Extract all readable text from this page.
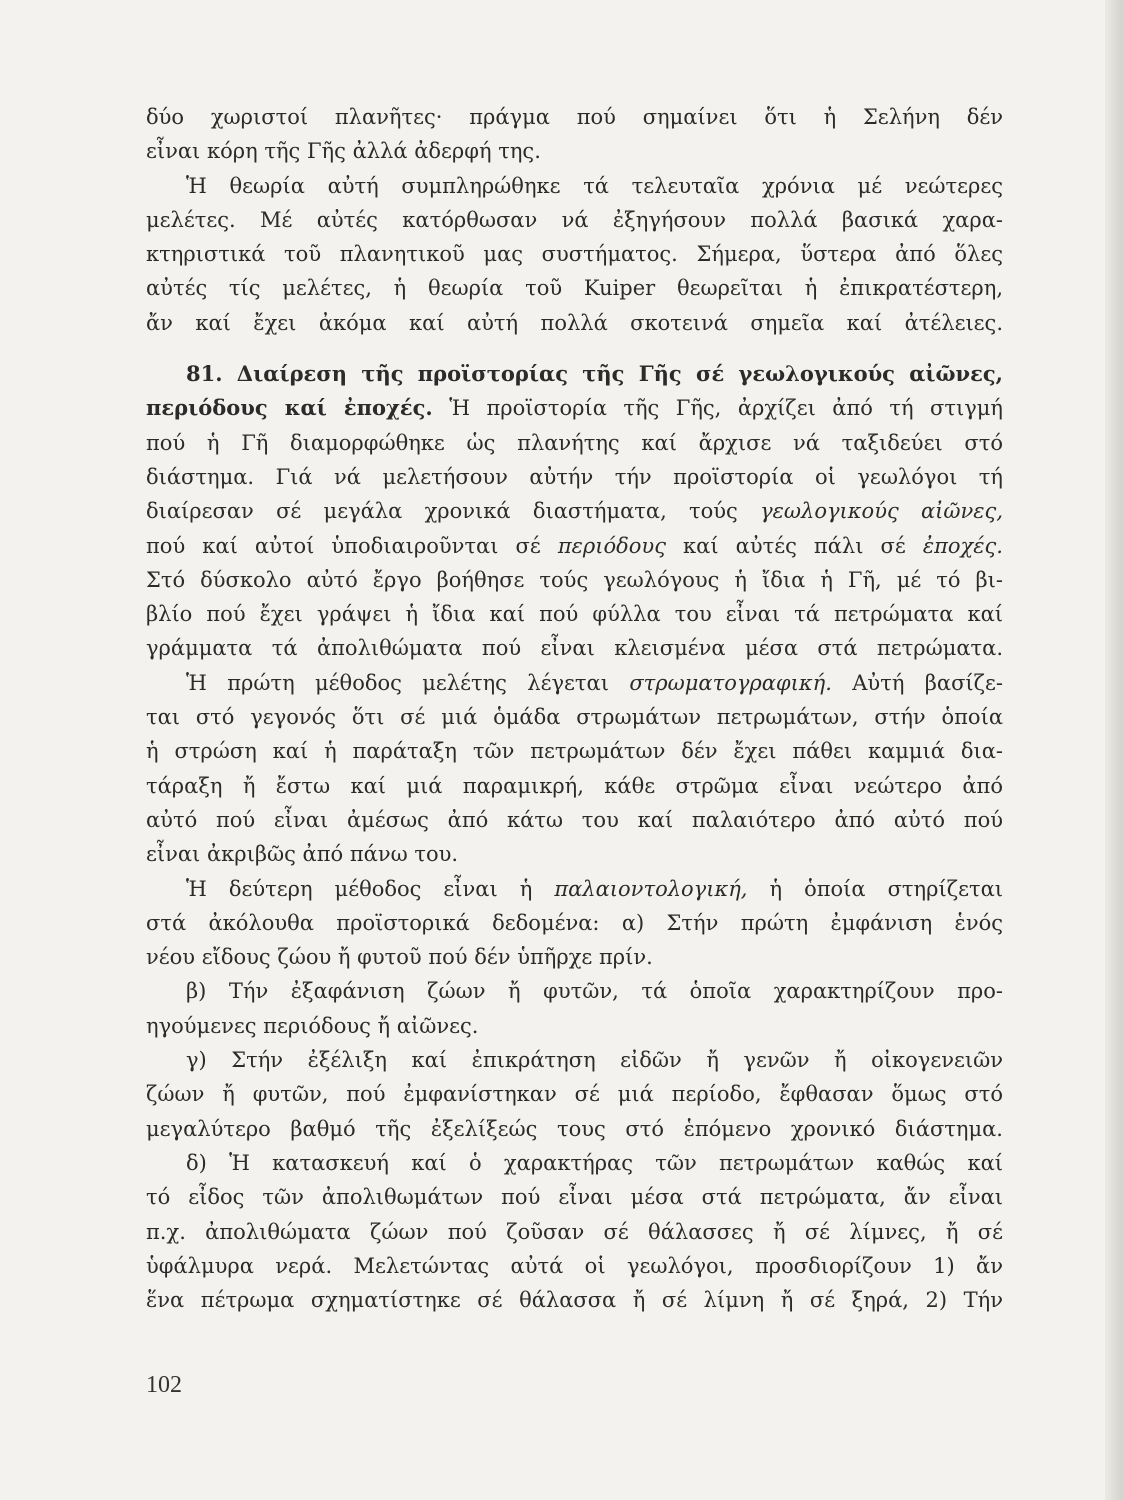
δύο χωριστοί πλανῆτες· πράγμα πού σημαίνει ὅτι ἡ Σελήνη δέν
εἶναι κόρη τῆς Γῆς ἀλλά ἀδερφή της.
Ἡ θεωρία αὐτή συμπληρώθηκε τά τελευταῖα χρόνια μέ νεώτερες
μελέτες. Μέ αὐτές κατόρθωσαν νά ἐξηγήσουν πολλά βασικά χαρα-
κτηριστικά τοῦ πλανητικοῦ μας συστήματος. Σήμερα, ὕστερα ἀπό ὅλες
αὐτές τίς μελέτες, ἡ θεωρία τοῦ Kuiper θεωρεῖται ἡ ἐπικρατέστερη,
ἄν καί ἔχει ἀκόμα καί αὐτή πολλά σκοτεινά σημεῖα καί ἀτέλειες.
81. Διαίρεση τῆς προϊστορίας τῆς Γῆς σέ γεωλογικούς αἰῶνες,
περιόδους καί ἐποχές. Ἡ προϊστορία τῆς Γῆς, ἀρχίζει ἀπό τή στιγμή
πού ἡ Γῆ διαμορφώθηκε ὡς πλανήτης καί ἄρχισε νά ταξιδεύει στό
διάστημα. Γιά νά μελετήσουν αὐτήν τήν προϊστορία οἱ γεωλόγοι τή
διαίρεσαν σέ μεγάλα χρονικά διαστήματα, τούς γεωλογικούς αἰῶνες,
πού καί αὐτοί ὑποδιαιροῦνται σέ περιόδους καί αὐτές πάλι σέ ἐποχές.
Στό δύσκολο αὐτό ἔργο βοήθησε τούς γεωλόγους ἡ ἴδια ἡ Γῆ, μέ τό βι-
βλίο πού ἔχει γράψει ἡ ἴδια καί πού φύλλα του εἶναι τά πετρώματα καί
γράμματα τά ἀπολιθώματα πού εἶναι κλεισμένα μέσα στά πετρώματα.
Ἡ πρώτη μέθοδος μελέτης λέγεται στρωματογραφική. Αὐτή βασίζε-
ται στό γεγονός ὅτι σέ μιά ὁμάδα στρωμάτων πετρωμάτων, στήν ὁποία
ἡ στρώση καί ἡ παράταξη τῶν πετρωμάτων δέν ἔχει πάθει καμμιά δια-
τάραξη ἤ ἔστω καί μιά παραμικρή, κάθε στρῶμα εἶναι νεώτερο ἀπό
αὐτό πού εἶναι ἀμέσως ἀπό κάτω του καί παλαιότερο ἀπό αὐτό πού
εἶναι ἀκριβῶς ἀπό πάνω του.
Ἡ δεύτερη μέθοδος εἶναι ἡ παλαιοντολογική, ἡ ὁποία στηρίζεται
στά ἀκόλουθα προϊστορικά δεδομένα: α) Στήν πρώτη ἐμφάνιση ἑνός
νέου εἴδους ζώου ἤ φυτοῦ πού δέν ὑπῆρχε πρίν.
β) Τήν ἐξαφάνιση ζώων ἤ φυτῶν, τά ὁποῖα χαρακτηρίζουν προ-
ηγούμενες περιόδους ἤ αἰῶνες.
γ) Στήν ἐξέλιξη καί ἐπικράτηση εἰδῶν ἤ γενῶν ἤ οἰκογενειῶν
ζώων ἤ φυτῶν, πού ἐμφανίστηκαν σέ μιά περίοδο, ἔφθασαν ὅμως στό
μεγαλύτερο βαθμό τῆς ἐξελίξεώς τους στό ἑπόμενο χρονικό διάστημα.
δ) Ἡ κατασκευή καί ὁ χαρακτήρας τῶν πετρωμάτων καθώς καί
τό εἶδος τῶν ἀπολιθωμάτων πού εἶναι μέσα στά πετρώματα, ἄν εἶναι
π.χ. ἀπολιθώματα ζώων πού ζοῦσαν σέ θάλασσες ἤ σέ λίμνες, ἤ σέ
ὑφάλμυρα νερά. Μελετώντας αὐτά οἱ γεωλόγοι, προσδιορίζουν 1) ἄν
ἕνα πέτρωμα σχηματίστηκε σέ θάλασσα ἤ σέ λίμνη ἤ σέ ξηρά, 2) Τήν
102
